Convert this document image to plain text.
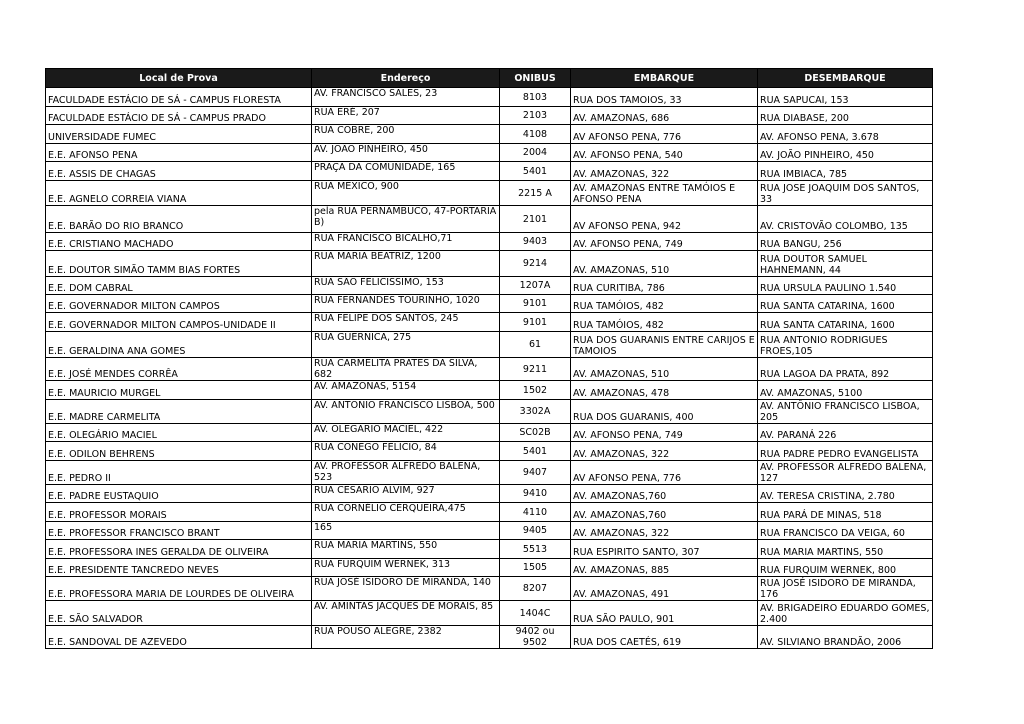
Local de Prova	Endereço	ONIBUS	EMBARQUE	DESEMBARQUE
FACULDADE ESTÁCIO DE SÁ - CAMPUS FLORESTA	AV. FRANCISCO SALES, 23	8103	RUA DOS TAMOIOS, 33	RUA SAPUCAI, 153
FACULDADE ESTÁCIO DE SÁ - CAMPUS PRADO	RUA ERÉ, 207	2103	AV. AMAZONAS, 686	RUA DIABASE, 200
UNIVERSIDADE FUMEC	RUA COBRE, 200	4108	AV AFONSO PENA, 776	AV. AFONSO PENA, 3.678
E.E. AFONSO PENA	AV. JOÃO PINHEIRO, 450	2004	AV. AFONSO PENA, 540	AV. JOÃO PINHEIRO, 450
E.E. ASSIS DE CHAGAS	PRAÇA DA COMUNIDADE, 165	5401	AV. AMAZONAS, 322	RUA IMBIACA, 785
E.E. AGNELO CORREIA VIANA	RUA MEXICO, 900	2215 A	AV. AMAZONAS ENTRE TAMÓIOS E AFONSO PENA	RUA JOSE JOAQUIM DOS SANTOS, 33
E.E. BARÃO DO RIO BRANCO	pela RUA PERNAMBUCO, 47-PORTARIA B)	2101	AV AFONSO PENA, 942	AV. CRISTOVÃO COLOMBO, 135
E.E. CRISTIANO MACHADO	RUA FRANCISCO BICALHO,71	9403	AV. AFONSO PENA, 749	RUA BANGU, 256
E.E. DOUTOR SIMÃO TAMM BIAS FORTES	RUA MARIA BEATRIZ, 1200	9214	AV. AMAZONAS, 510	RUA DOUTOR SAMUEL HAHNEMANN, 44
E.E. DOM CABRAL	RUA SÃO FELICISSIMO, 153	1207A	RUA CURITIBA, 786	RUA URSULA PAULINO 1.540
E.E. GOVERNADOR MILTON CAMPOS	RUA FERNANDES TOURINHO, 1020	9101	RUA TAMÓIOS, 482	RUA SANTA CATARINA, 1600
E.E. GOVERNADOR MILTON CAMPOS-UNIDADE II	RUA FELIPE DOS SANTOS, 245	9101	RUA TAMÓIOS, 482	RUA SANTA CATARINA, 1600
E.E. GERALDINA ANA GOMES	RUA GUERNICA, 275	61	RUA DOS GUARANIS ENTRE CARIJOS E TAMOIOS	RUA ANTONIO RODRIGUES FROES,105
E.E. JOSÉ MENDES CORRÊA	RUA CARMELITA PRATES DA SILVA, 682	9211	AV. AMAZONAS, 510	RUA LAGOA DA PRATA, 892
E.E. MAURICIO MURGEL	AV. AMAZONAS, 5154	1502	AV. AMAZONAS, 478	AV. AMAZONAS, 5100
E.E. MADRE CARMELITA	AV. ANTÔNIO FRANCISCO LISBOA, 500	3302A	RUA DOS GUARANIS, 400	AV. ANTÔNIO FRANCISCO LISBOA, 205
E.E. OLEGÁRIO MACIEL	AV. OLEGARIO MACIEL, 422	SC02B	AV. AFONSO PENA, 749	AV. PARANÁ 226
E.E. ODILON BEHRENS	RUA CONEGO FELICIO, 84	5401	AV. AMAZONAS, 322	RUA PADRE PEDRO EVANGELISTA
E.E. PEDRO II	AV. PROFESSOR ALFREDO BALENA, 523	9407	AV AFONSO PENA, 776	AV. PROFESSOR ALFREDO BALENA, 127
E.E. PADRE EUSTAQUIO	RUA CESARIO ALVIM, 927	9410	AV. AMAZONAS,760	AV. TERESA CRISTINA, 2.780
E.E. PROFESSOR MORAIS	RUA CORNÉLIO CERQUEIRA,475	4110	AV. AMAZONAS,760	RUA PARÁ DE MINAS, 518
E.E. PROFESSOR FRANCISCO BRANT	165	9405	AV. AMAZONAS, 322	RUA FRANCISCO DA VEIGA, 60
E.E. PROFESSORA INES GERALDA DE OLIVEIRA	RUA MARIA MARTINS, 550	5513	RUA ESPIRITO SANTO, 307	RUA MARIA MARTINS, 550
E.E. PRESIDENTE TANCREDO NEVES	RUA FURQUIM WERNEK, 313	1505	AV. AMAZONAS, 885	RUA FURQUIM WERNEK, 800
E.E. PROFESSORA MARIA DE LOURDES DE OLIVEIRA	RUA JOSÉ ISIDORO DE MIRANDA, 140	8207	AV. AMAZONAS, 491	RUA JOSÉ ISIDORO DE MIRANDA, 176
E.E. SÃO SALVADOR	AV. AMINTAS JACQUES DE MORAIS, 85	1404C	RUA SÃO PAULO, 901	AV. BRIGADEIRO EDUARDO GOMES, 2.400
E.E. SANDOVAL DE AZEVEDO	RUA POUSO ALEGRE, 2382	9402 ou 9502	RUA DOS CAETÉS, 619	AV. SILVIANO BRANDÃO, 2006
